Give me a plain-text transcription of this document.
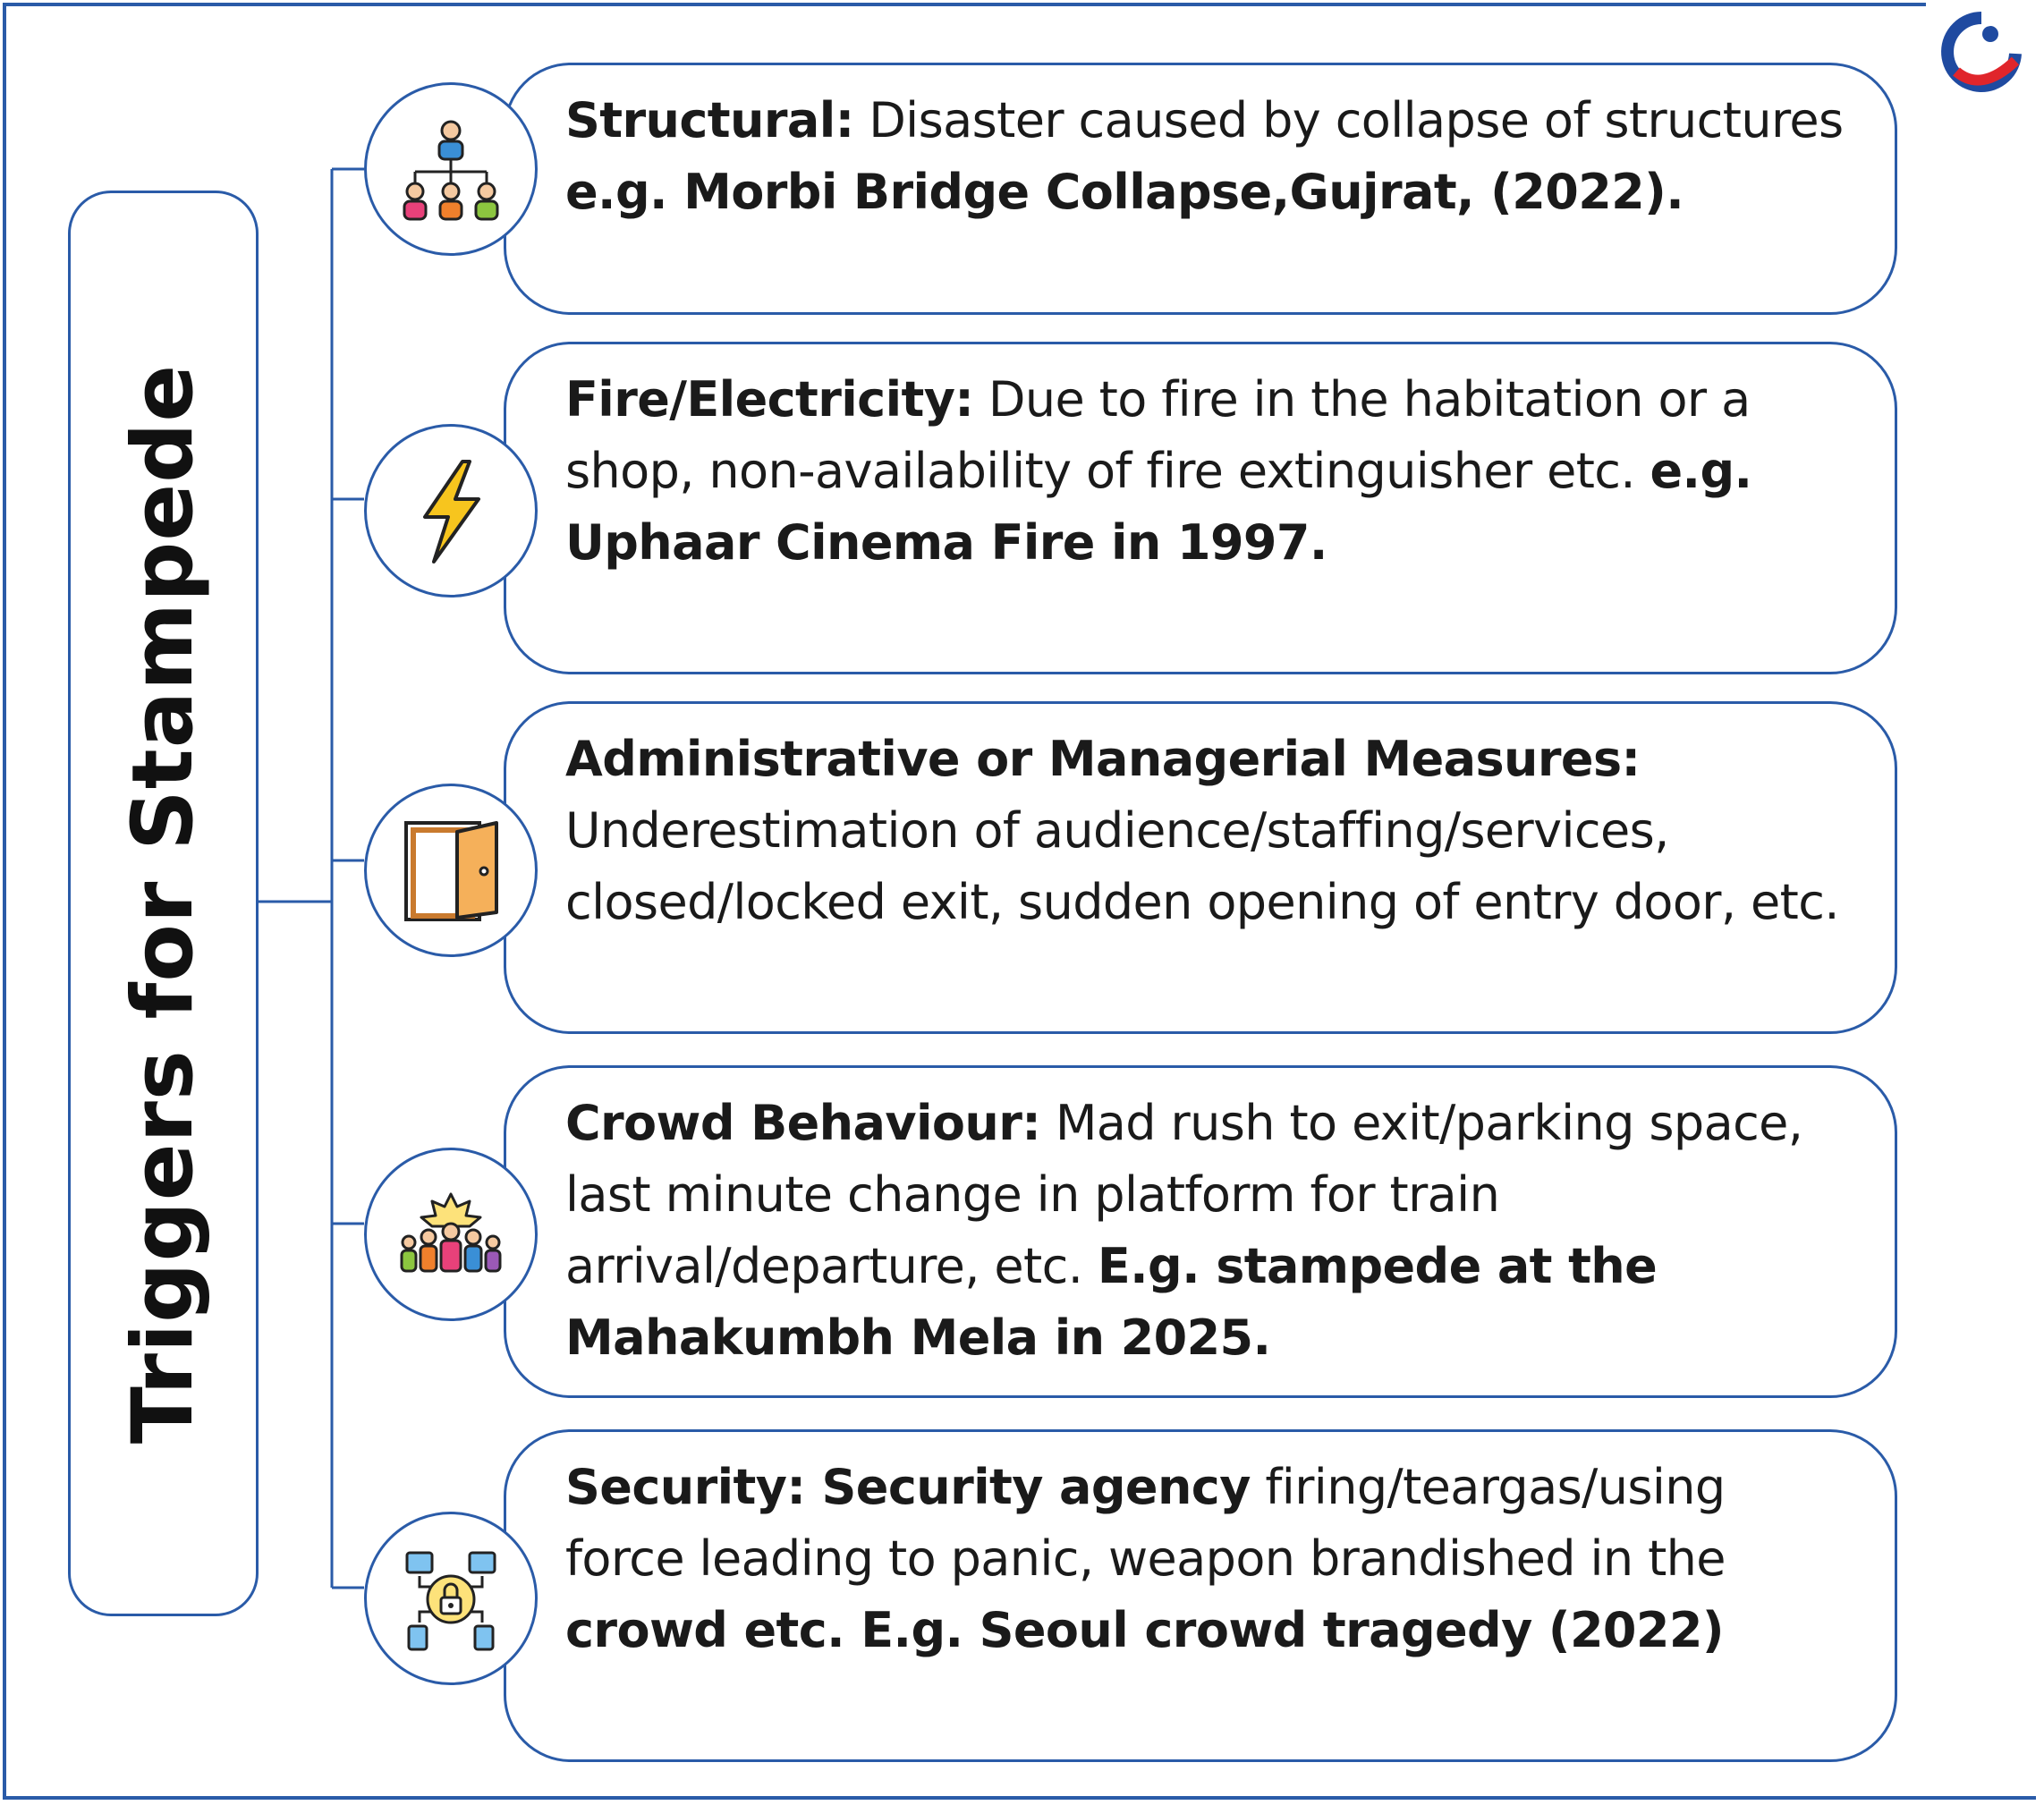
Triggers for Stampede

Structural: Disaster caused by collapse of structures e.g. Morbi Bridge Collapse,Gujrat, (2022).

Fire/Electricity: Due to fire in the habitation or a shop, non-availability of fire extinguisher etc. e.g. Uphaar Cinema Fire in 1997.

Administrative or Managerial Measures: Underestimation of audience/staffing/services, closed/locked exit, sudden opening of entry door, etc.

Crowd Behaviour: Mad rush to exit/parking space, last minute change in platform for train arrival/departure, etc. E.g. stampede at the Mahakumbh Mela in 2025.

Security: Security agency firing/teargas/using force leading to panic, weapon brandished in the crowd etc. E.g. Seoul crowd tragedy (2022)
